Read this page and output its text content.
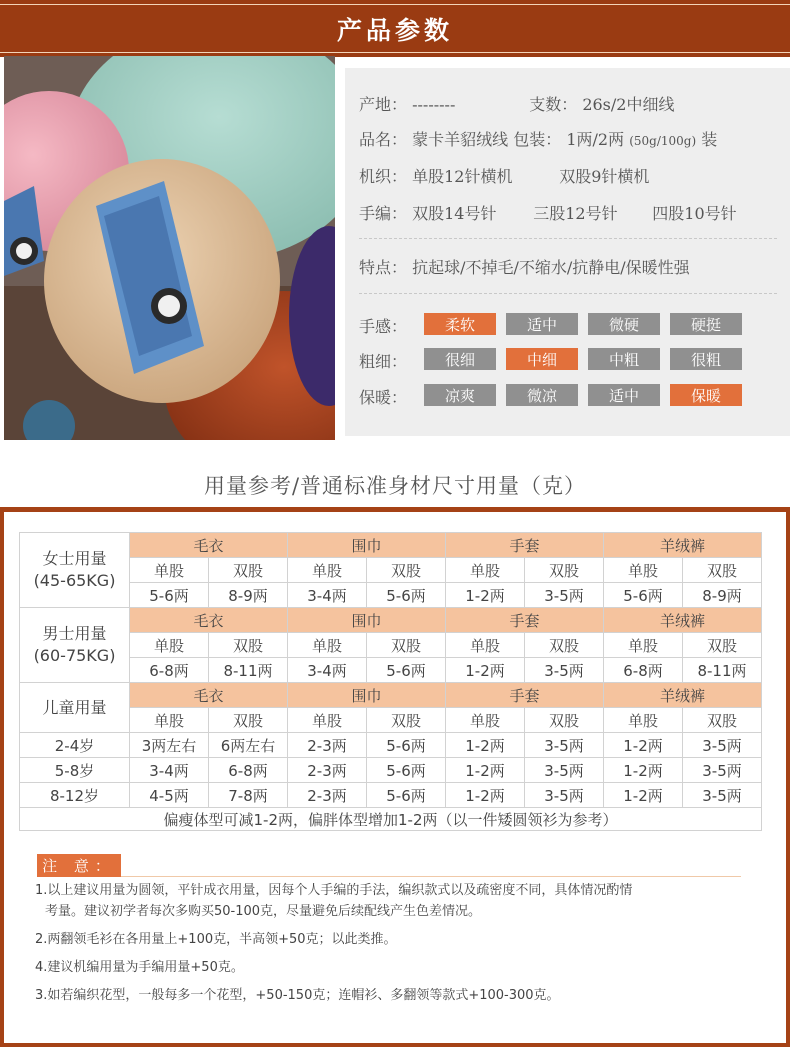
产品参数
产地： --------	支数： 26s/2中细线
品名： 蒙卡羊貂绒线 包装： 1两/2两 (50g/100g) 装
机织： 单股12针横机	双股9针横机
手编： 双股14号针 三股12号针 四股10号针
特点： 抗起球/不掉毛/不缩水/抗静电/保暖性强
手感：	柔软	适中	微硬	硬挺
粗细：	很细	中细	中粗	很粗
保暖：	凉爽	微凉	适中	保暖
用量参考/普通标准身材尺寸用量（克）
女士用量
(45-65KG)	毛衣		围巾		手套		羊绒裤	
	单股	双股	单股	双股	单股	双股	单股	双股
	5-6两	8-9两	3-4两	5-6两	1-2两	3-5两	5-6两	8-9两

男士用量
(60-75KG)	毛衣		围巾		手套		羊绒裤	
	单股	双股	单股	双股	单股	双股	单股	双股
	6-8两	8-11两	3-4两	5-6两	1-2两	3-5两	6-8两	8-11两
儿童用量	毛衣		围巾		手套		羊绒裤	
	单股	双股	单股	双股	单股	双股	单股	双股
2-4岁	3两左右	6两左右	2-3两	5-6两	1-2两	3-5两	1-2两	3-5两
5-8岁	3-4两	6-8两	2-3两	5-6两	1-2两	3-5两	1-2两	3-5两
8-12岁	4-5两	7-8两	2-3两	5-6两	1-2两	3-5两	1-2两	3-5两
偏瘦体型可减1-2两，偏胖体型增加1-2两（以一件矮圆领衫为参考）								
注 意：
1.以上建议用量为圆领，平针成衣用量，因每个人手编的手法，编织款式以及疏密度不同，具体情况酌情
考量。建议初学者每次多购买50-100克，尽量避免后续配线产生色差情况。
2.两翻领毛衫在各用量上+100克，半高领+50克；以此类推。
4.建议机编用量为手编用量+50克。
3.如若编织花型，一般每多一个花型，+50-150克；连帽衫、多翻领等款式+100-300克。
